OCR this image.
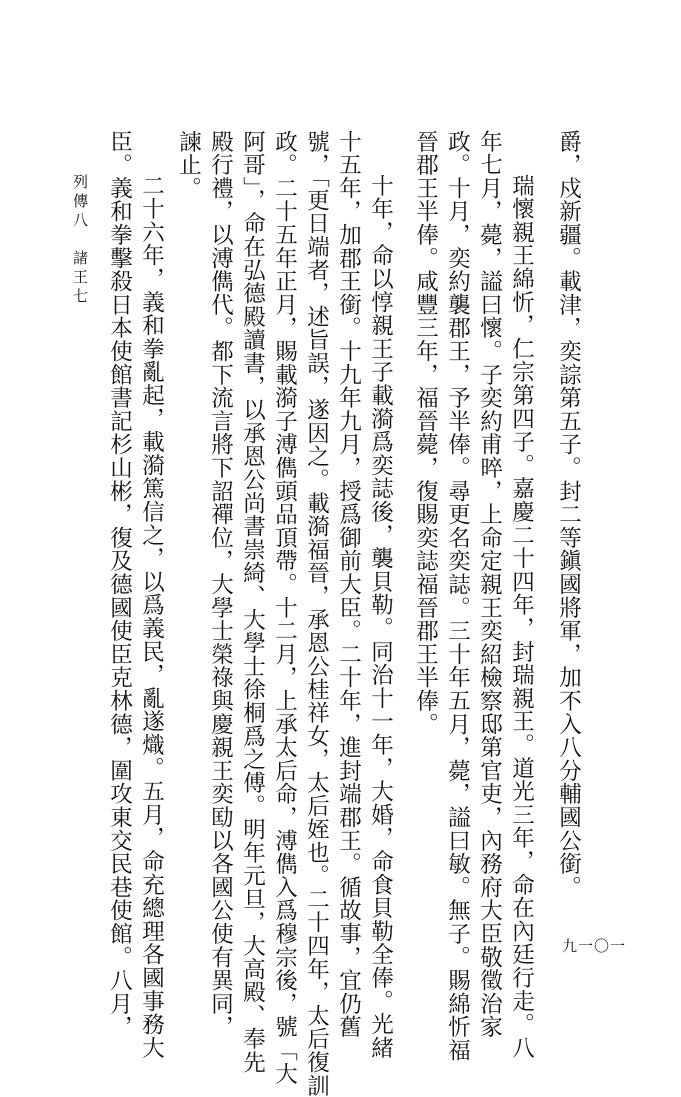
爵，戍新疆。載津，奕誴第五子。封二等鎭國將軍，加不入八分輔國公銜。
瑞懷親王綿忻，仁宗第四子。嘉慶二十四年，封瑞親王。道光三年，命在內廷行走。八
年七月，薨，謚曰懷。子奕約甫晬，上命定親王奕紹檢察邸第官吏，內務府大臣敬徵治家
政。十月，奕約襲郡王，予半俸。尋更名奕誌。三十年五月，薨，謚曰敏。無子。賜綿忻福
晉郡王半俸。咸豐三年，福晉薨，復賜奕誌福晉郡王半俸。
十年，命以惇親王子載漪爲奕誌後，襲貝勒。同治十一年，大婚，命食貝勒全俸。光緒
十五年，加郡王銜。十九年九月，授爲御前大臣。二十年，進封端郡王。循故事，宜仍舊
號，「更日端者，述旨誤，遂因之。載漪福晉，承恩公桂祥女，太后姪也。二十四年，太后復訓
政。二十五年正月，賜載漪子溥儁頭品頂帶。十二月，上承太后命，溥儁入爲穆宗後，號「大
阿哥」，命在弘德殿讀書，以承恩公尚書崇綺、大學士徐桐爲之傅。明年元旦，大高殿、奉先
殿行禮，以溥儁代。都下流言將下詔禪位，大學士榮祿與慶親王奕劻以各國公使有異同，
諫止。
二十六年，義和拳亂起，載漪篤信之，以爲義民，亂遂熾。五月，命充總理各國事務大
臣。義和拳擊殺日本使館書記杉山彬，復及德國使臣克林德，圍攻東交民巷使館。八月，
列傳八　諸王七
九一〇一
